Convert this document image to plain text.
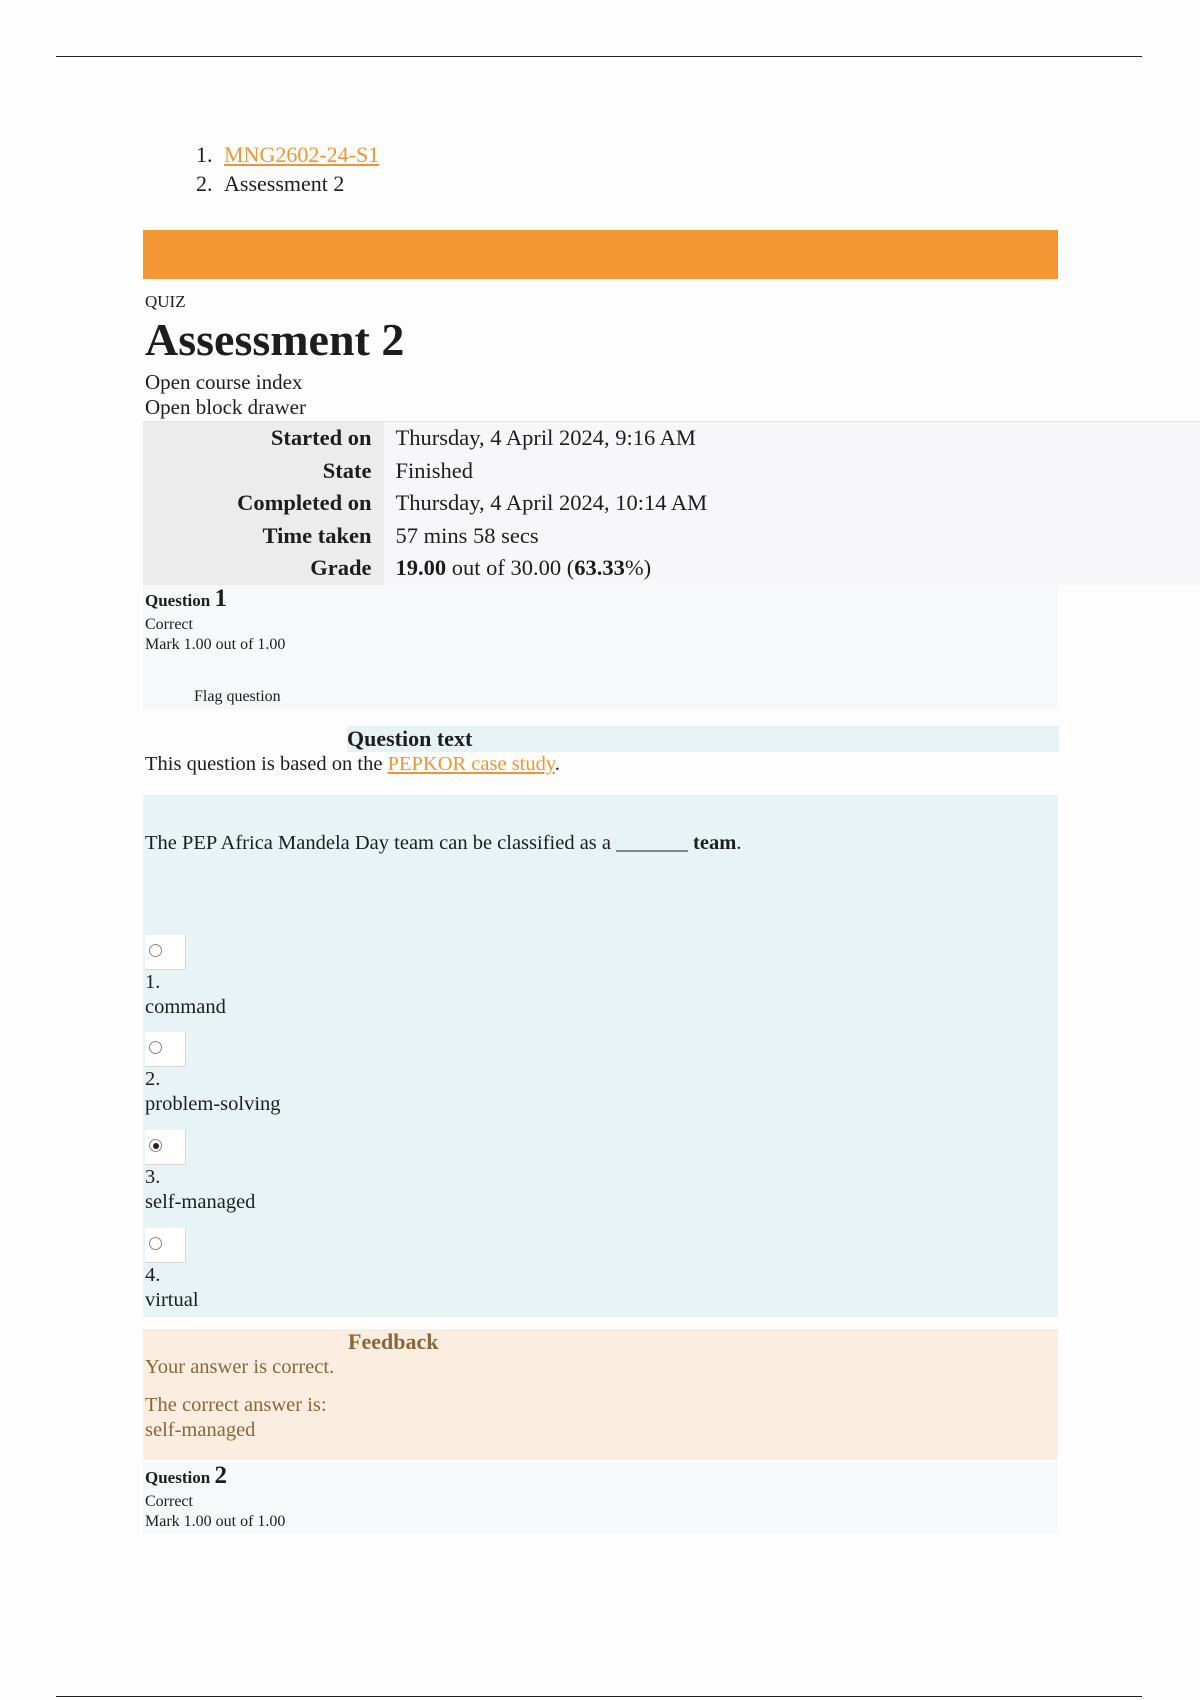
1. MNG2602-24-S1
2. Assessment 2
QUIZ
Assessment 2
Open course index
Open block drawer
Started on	Thursday, 4 April 2024, 9:16 AM
State	Finished
Completed on	Thursday, 4 April 2024, 10:14 AM
Time taken	57 mins 58 secs
Grade	19.00 out of 30.00 (63.33%)
Question 1
Correct
Mark 1.00 out of 1.00
Flag question
Question text
This question is based on the PEPKOR case study.
The PEP Africa Mandela Day team can be classified as a _______ team.
1.
command
2.
problem-solving
3.
self-managed
4.
virtual
Feedback
Your answer is correct.
The correct answer is:
self-managed
Question 2
Correct
Mark 1.00 out of 1.00
